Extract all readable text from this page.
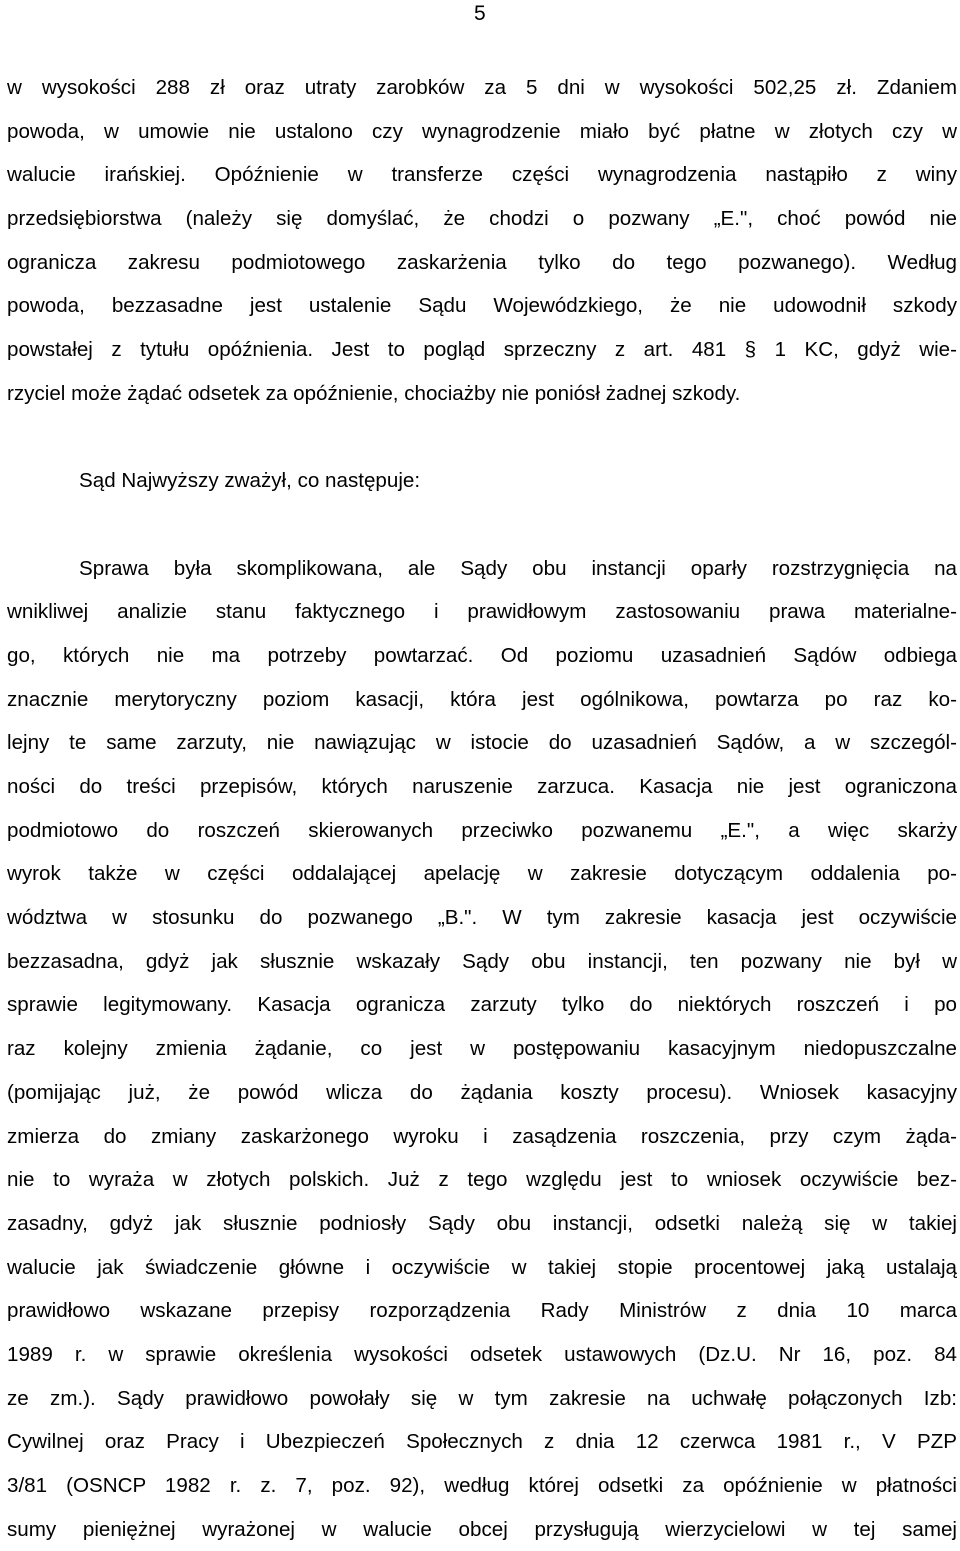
5
w wysokości 288 zł oraz utraty zarobków za 5 dni w wysokości 502,25 zł. Zdaniem
powoda, w umowie nie ustalono czy wynagrodzenie miało być płatne w złotych czy w
walucie irańskiej. Opóźnienie w transferze części wynagrodzenia nastąpiło z winy
przedsiębiorstwa (należy się domyślać, że chodzi o pozwany „E.", choć powód nie
ogranicza zakresu podmiotowego zaskarżenia tylko do tego pozwanego). Według
powoda, bezzasadne jest ustalenie Sądu Wojewódzkiego, że nie udowodnił szkody
powstałej z tytułu opóźnienia. Jest to pogląd sprzeczny z art. 481 § 1 KC, gdyż wie-
rzyciel może żądać odsetek za opóźnienie, chociażby nie poniósł żadnej szkody.
Sąd Najwyższy zważył, co następuje:
Sprawa była skomplikowana, ale Sądy obu instancji oparły rozstrzygnięcia na
wnikliwej analizie stanu faktycznego i prawidłowym zastosowaniu prawa materialne-
go, których nie ma potrzeby powtarzać. Od poziomu uzasadnień Sądów odbiega
znacznie merytoryczny poziom kasacji, która jest ogólnikowa, powtarza po raz ko-
lejny te same zarzuty, nie nawiązując w istocie do uzasadnień Sądów, a w szczegól-
ności do treści przepisów, których naruszenie zarzuca. Kasacja nie jest ograniczona
podmiotowo do roszczeń skierowanych przeciwko pozwanemu „E.", a więc skarży
wyrok także w części oddalającej apelację w zakresie dotyczącym oddalenia po-
wództwa w stosunku do pozwanego „B.". W tym zakresie kasacja jest oczywiście
bezzasadna, gdyż jak słusznie wskazały Sądy obu instancji, ten pozwany nie był w
sprawie legitymowany. Kasacja ogranicza zarzuty tylko do niektórych roszczeń i po
raz kolejny zmienia żądanie, co jest w postępowaniu kasacyjnym niedopuszczalne
(pomijając już, że powód wlicza do żądania koszty procesu). Wniosek kasacyjny
zmierza do zmiany zaskarżonego wyroku i zasądzenia roszczenia, przy czym żąda-
nie to wyraża w złotych polskich. Już z tego względu jest to wniosek oczywiście bez-
zasadny, gdyż jak słusznie podniosły Sądy obu instancji, odsetki należą się w takiej
walucie jak świadczenie główne i oczywiście w takiej stopie procentowej jaką ustalają
prawidłowo wskazane przepisy rozporządzenia Rady Ministrów z dnia 10 marca
1989 r. w sprawie określenia wysokości odsetek ustawowych (Dz.U. Nr 16, poz. 84
ze zm.). Sądy prawidłowo powołały się w tym zakresie na uchwałę połączonych Izb:
Cywilnej oraz Pracy i Ubezpieczeń Społecznych z dnia 12 czerwca 1981 r., V PZP
3/81 (OSNCP 1982 r. z. 7, poz. 92), według której odsetki za opóźnienie w płatności
sumy pieniężnej wyrażonej w walucie obcej przysługują wierzycielowi w tej samej
